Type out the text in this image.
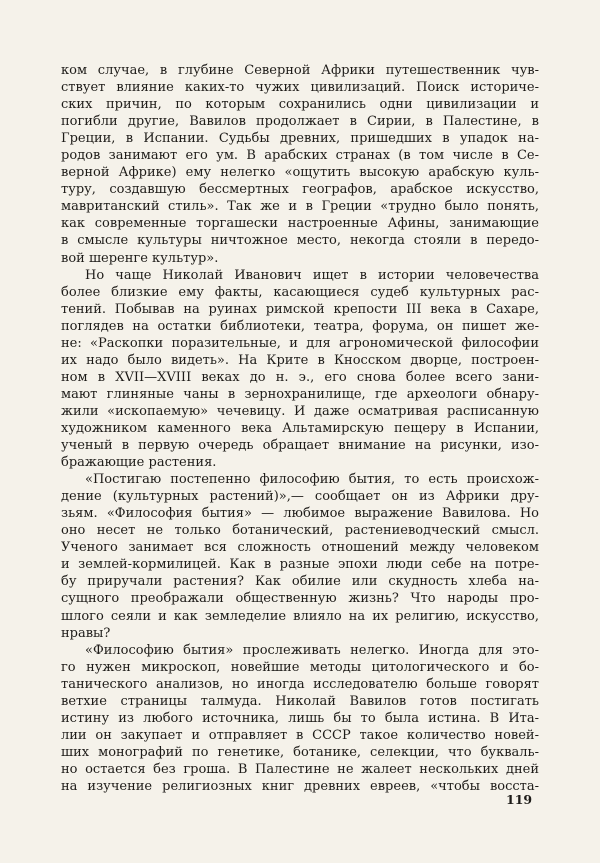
ком случае, в глубине Северной Африки путешественник чув-
ствует влияние каких-то чужих цивилизаций. Поиск историче-
ских причин, по которым сохранились одни цивилизации и
погибли другие, Вавилов продолжает в Сирии, в Палестине, в
Греции, в Испании. Судьбы древних, пришедших в упадок на-
родов занимают его ум. В арабских странах (в том числе в Се-
верной Африке) ему нелегко «ощутить высокую арабскую куль-
туру, создавшую бессмертных географов, арабское искусство,
мавританский стиль». Так же и в Греции «трудно было понять,
как современные торгашески настроенные Афины, занимающие
в смысле культуры ничтожное место, некогда стояли в передо-
вой шеренге культур».
Но чаще Николай Иванович ищет в истории человечества
более близкие ему факты, касающиеся судеб культурных рас-
тений. Побывав на руинах римской крепости III века в Сахаре,
поглядев на остатки библиотеки, театра, форума, он пишет же-
не: «Раскопки поразительные, и для агрономической философии
их надо было видеть». На Крите в Кносском дворце, построен-
ном в XVII—XVIII веках до н. э., его снова более всего зани-
мают глиняные чаны в зернохранилище, где археологи обнару-
жили «ископаемую» чечевицу. И даже осматривая расписанную
художником каменного века Альтамирскую пещеру в Испании,
ученый в первую очередь обращает внимание на рисунки, изо-
бражающие растения.
«Постигаю постепенно философию бытия, то есть происхож-
дение (культурных растений)»,— сообщает он из Африки дру-
зьям. «Философия бытия» — любимое выражение Вавилова. Но
оно несет не только ботанический, растениеводческий смысл.
Ученого занимает вся сложность отношений между человеком
и землей-кормилицей. Как в разные эпохи люди себе на потре-
бу приручали растения? Как обилие или скудность хлеба на-
сущного преображали общественную жизнь? Что народы про-
шлого сеяли и как земледелие влияло на их религию, искусство,
нравы?
«Философию бытия» прослеживать нелегко. Иногда для это-
го нужен микроскоп, новейшие методы цитологического и бо-
танического анализов, но иногда исследователю больше говорят
ветхие страницы талмуда. Николай Вавилов готов постигать
истину из любого источника, лишь бы то была истина. В Ита-
лии он закупает и отправляет в СССР такое количество новей-
ших монографий по генетике, ботанике, селекции, что букваль-
но остается без гроша. В Палестине не жалеет нескольких дней
на изучение религиозных книг древних евреев, «чтобы восста-
119
